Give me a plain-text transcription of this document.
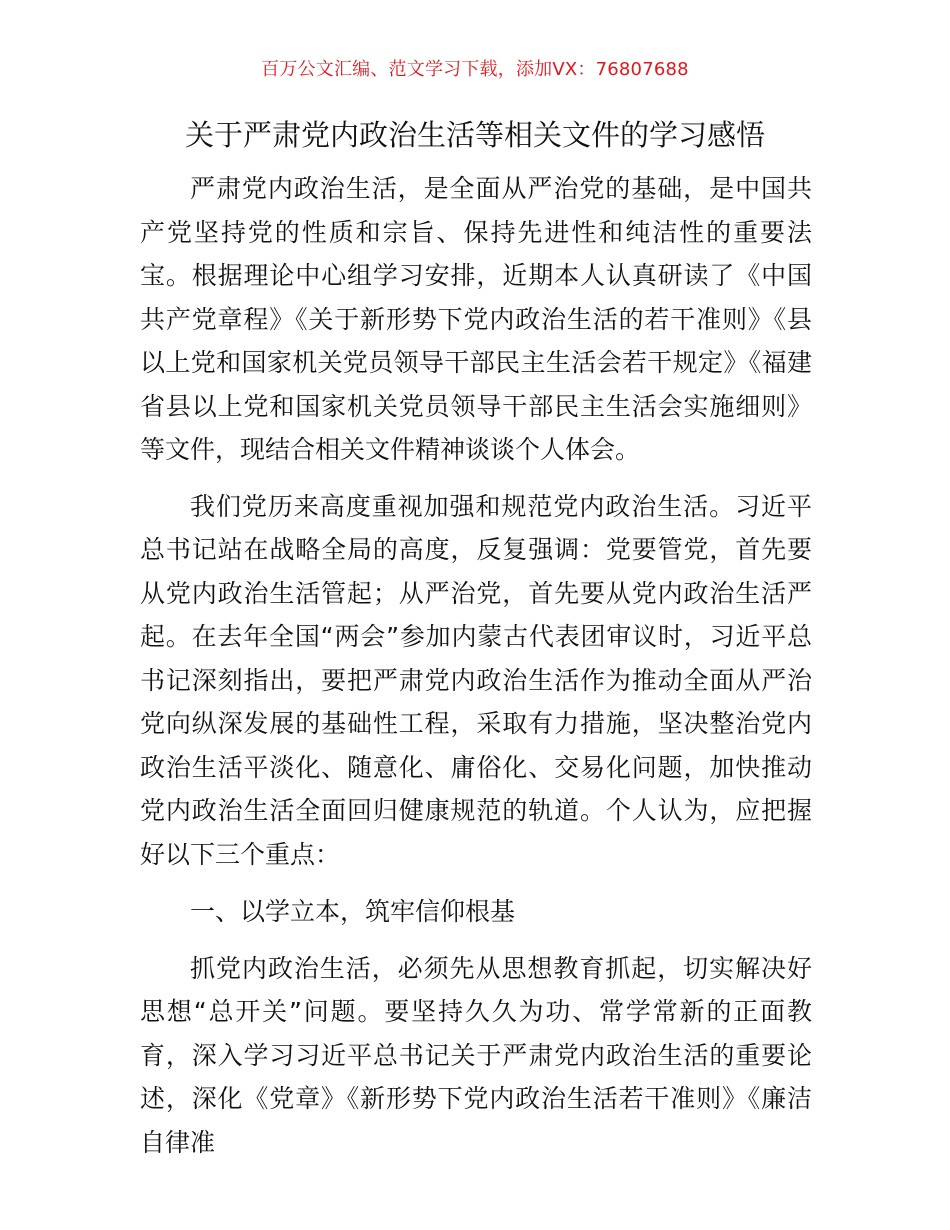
百万公文汇编、范文学习下载，添加VX：76807688
关于严肃党内政治生活等相关文件的学习感悟

严肃党内政治生活，是全面从严治党的基础，是中国共产党坚持党的性质和宗旨、保持先进性和纯洁性的重要法宝。根据理论中心组学习安排，近期本人认真研读了《中国共产党章程》《关于新形势下党内政治生活的若干准则》《县以上党和国家机关党员领导干部民主生活会若干规定》《福建省县以上党和国家机关党员领导干部民主生活会实施细则》等文件，现结合相关文件精神谈谈个人体会。

我们党历来高度重视加强和规范党内政治生活。习近平总书记站在战略全局的高度，反复强调：党要管党，首先要从党内政治生活管起；从严治党，首先要从党内政治生活严起。在去年全国“两会”参加内蒙古代表团审议时，习近平总书记深刻指出，要把严肃党内政治生活作为推动全面从严治党向纵深发展的基础性工程，采取有力措施，坚决整治党内政治生活平淡化、随意化、庸俗化、交易化问题，加快推动党内政治生活全面回归健康规范的轨道。个人认为，应把握好以下三个重点：

一、以学立本，筑牢信仰根基

抓党内政治生活，必须先从思想教育抓起，切实解决好思想“总开关”问题。要坚持久久为功、常学常新的正面教育，深入学习习近平总书记关于严肃党内政治生活的重要论述，深化《党章》《新形势下党内政治生活若干准则》《廉洁自律准
